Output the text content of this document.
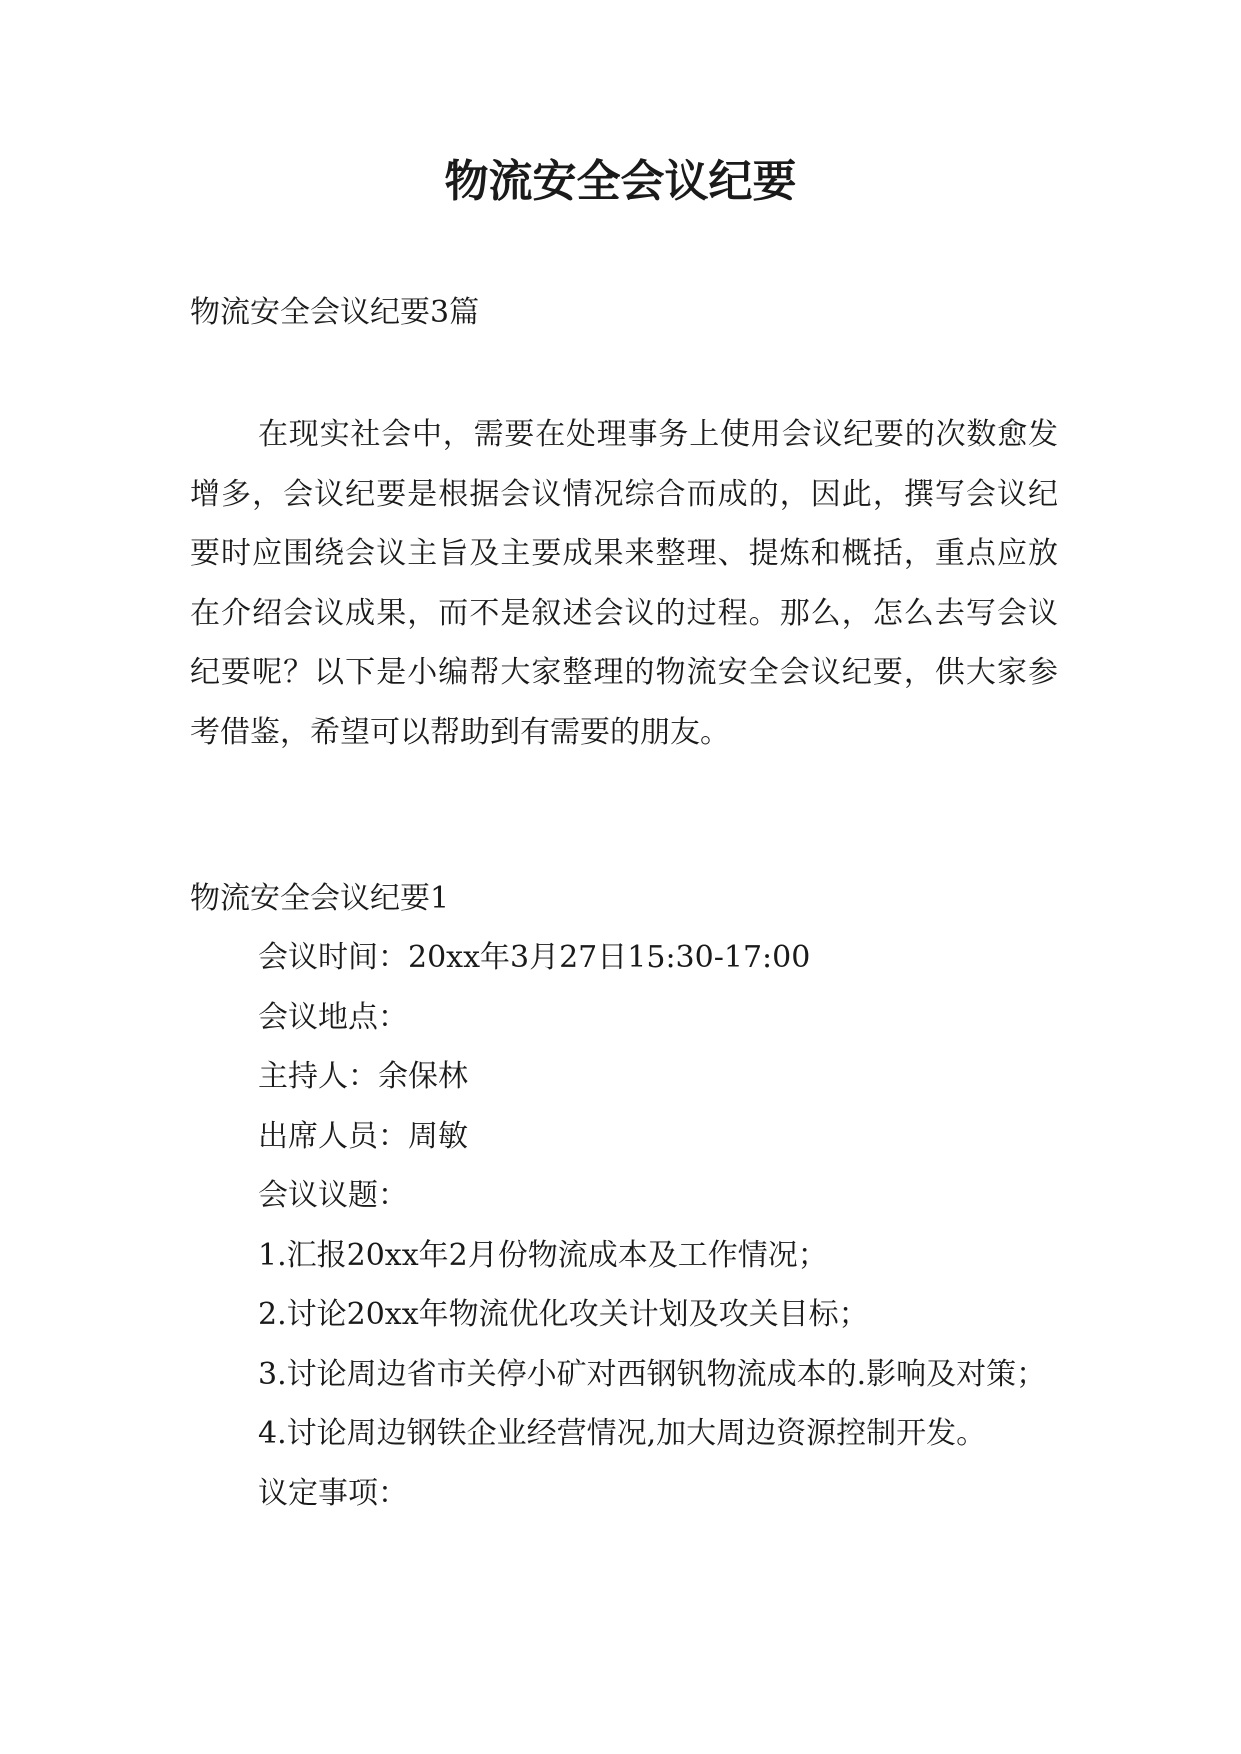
物流安全会议纪要

物流安全会议纪要3篇

在现实社会中，需要在处理事务上使用会议纪要的次数愈发增多，会议纪要是根据会议情况综合而成的，因此，撰写会议纪要时应围绕会议主旨及主要成果来整理、提炼和概括，重点应放在介绍会议成果，而不是叙述会议的过程。那么，怎么去写会议纪要呢？以下是小编帮大家整理的物流安全会议纪要，供大家参考借鉴，希望可以帮助到有需要的朋友。

物流安全会议纪要1

会议时间：20xx年3月27日15:30-17:00

会议地点：

主持人：余保林

出席人员：周敏

会议议题：

1.汇报20xx年2月份物流成本及工作情况；

2.讨论20xx年物流优化攻关计划及攻关目标；

3.讨论周边省市关停小矿对西钢钒物流成本的.影响及对策；

4.讨论周边钢铁企业经营情况,加大周边资源控制开发。

议定事项：
